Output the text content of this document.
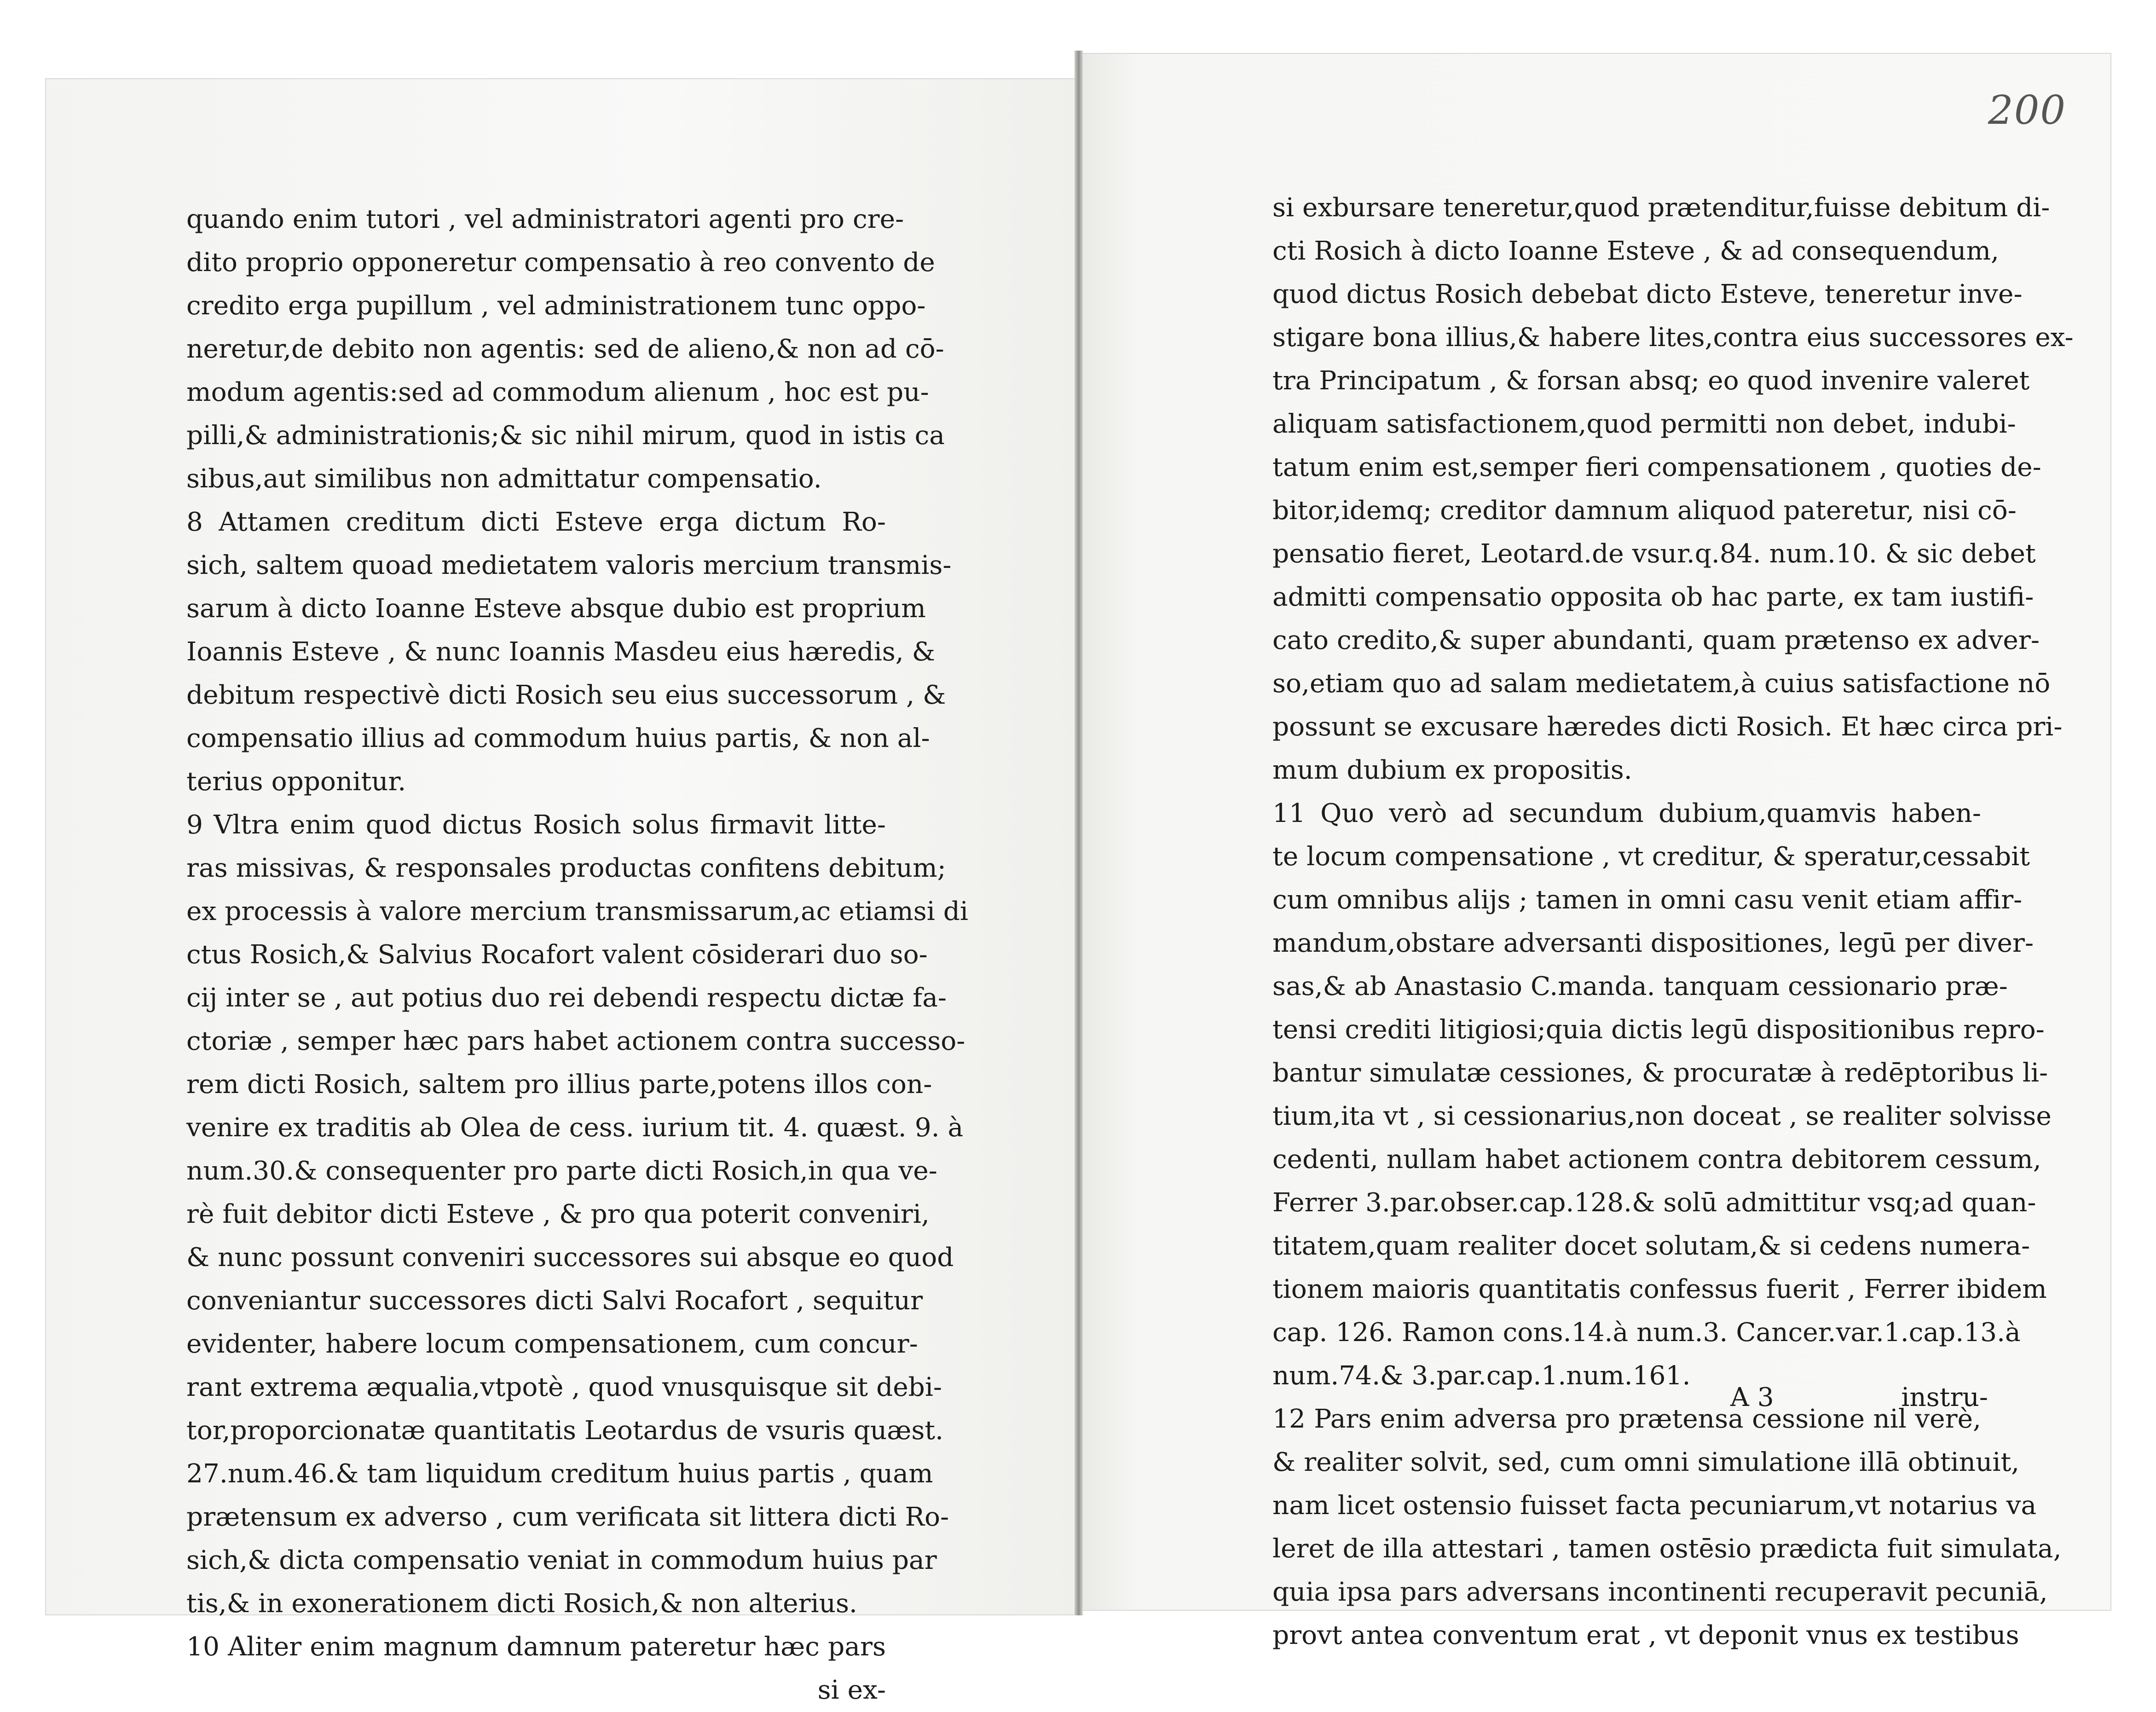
200
quando enim tutori , vel administratori agenti pro cre-
dito proprio opponeretur compensatio à reo convento de
credito erga pupillum , vel administrationem tunc oppo-
neretur,de debito non agentis: sed de alieno,& non ad cō-
modum agentis:sed ad commodum alienum , hoc est pu-
pilli,& administrationis;& sic nihil mirum, quod in istis ca
sibus,aut similibus non admittatur compensatio.
8 Attamen creditum dicti Esteve erga dictum Ro-
sich, saltem quoad medietatem valoris mercium transmis-
sarum à dicto Ioanne Esteve absque dubio est proprium
Ioannis Esteve , & nunc Ioannis Masdeu eius hæredis, &
debitum respectivè dicti Rosich seu eius successorum , &
compensatio illius ad commodum huius partis, & non al-
terius opponitur.
9 Vltra enim quod dictus Rosich solus firmavit litte-
ras missivas, & responsales productas confitens debitum;
ex processis à valore mercium transmissarum,ac etiamsi di
ctus Rosich,& Salvius Rocafort valent cōsiderari duo so-
cij inter se , aut potius duo rei debendi respectu dictæ fa-
ctoriæ , semper hæc pars habet actionem contra successo-
rem dicti Rosich, saltem pro illius parte,potens illos con-
venire ex traditis ab Olea de cess. iurium tit. 4. quæst. 9. à
num.30.& consequenter pro parte dicti Rosich,in qua ve-
rè fuit debitor dicti Esteve , & pro qua poterit conveniri,
& nunc possunt conveniri successores sui absque eo quod
conveniantur successores dicti Salvi Rocafort , sequitur
evidenter, habere locum compensationem, cum concur-
rant extrema æqualia,vtpotè , quod vnusquisque sit debi-
tor,proporcionatæ quantitatis Leotardus de vsuris quæst.
27.num.46.& tam liquidum creditum huius partis , quam
prætensum ex adverso , cum verificata sit littera dicti Ro-
sich,& dicta compensatio veniat in commodum huius par
tis,& in exonerationem dicti Rosich,& non alterius.
10 Aliter enim magnum damnum pateretur hæc pars
si ex-
si exbursare teneretur,quod prætenditur,fuisse debitum di-
cti Rosich à dicto Ioanne Esteve , & ad consequendum,
quod dictus Rosich debebat dicto Esteve, teneretur inve-
stigare bona illius,& habere lites,contra eius successores ex-
tra Principatum , & forsan absq; eo quod invenire valeret
aliquam satisfactionem,quod permitti non debet, indubi-
tatum enim est,semper fieri compensationem , quoties de-
bitor,idemq; creditor damnum aliquod pateretur, nisi cō-
pensatio fieret, Leotard.de vsur.q.84. num.10. & sic debet
admitti compensatio opposita ob hac parte, ex tam iustifi-
cato credito,& super abundanti, quam prætenso ex adver-
so,etiam quo ad salam medietatem,à cuius satisfactione nō
possunt se excusare hæredes dicti Rosich. Et hæc circa pri-
mum dubium ex propositis.
11 Quo verò ad secundum dubium,quamvis haben-
te locum compensatione , vt creditur, & speratur,cessabit
cum omnibus alijs ; tamen in omni casu venit etiam affir-
mandum,obstare adversanti dispositiones, legū per diver-
sas,& ab Anastasio C.manda. tanquam cessionario præ-
tensi crediti litigiosi;quia dictis legū dispositionibus repro-
bantur simulatæ cessiones, & procuratæ à redēptoribus li-
tium,ita vt , si cessionarius,non doceat , se realiter solvisse
cedenti, nullam habet actionem contra debitorem cessum,
Ferrer 3.par.obser.cap.128.& solū admittitur vsq;ad quan-
titatem,quam realiter docet solutam,& si cedens numera-
tionem maioris quantitatis confessus fuerit , Ferrer ibidem
cap. 126. Ramon cons.14.à num.3. Cancer.var.1.cap.13.à
num.74.& 3.par.cap.1.num.161.
12 Pars enim adversa pro prætensa cessione nil verè,
& realiter solvit, sed, cum omni simulatione illā obtinuit,
nam licet ostensio fuisset facta pecuniarum,vt notarius va
leret de illa attestari , tamen ostēsio prædicta fuit simulata,
quia ipsa pars adversans incontinenti recuperavit pecuniā,
provt antea conventum erat , vt deponit vnus ex testibus
A 3	instru-
